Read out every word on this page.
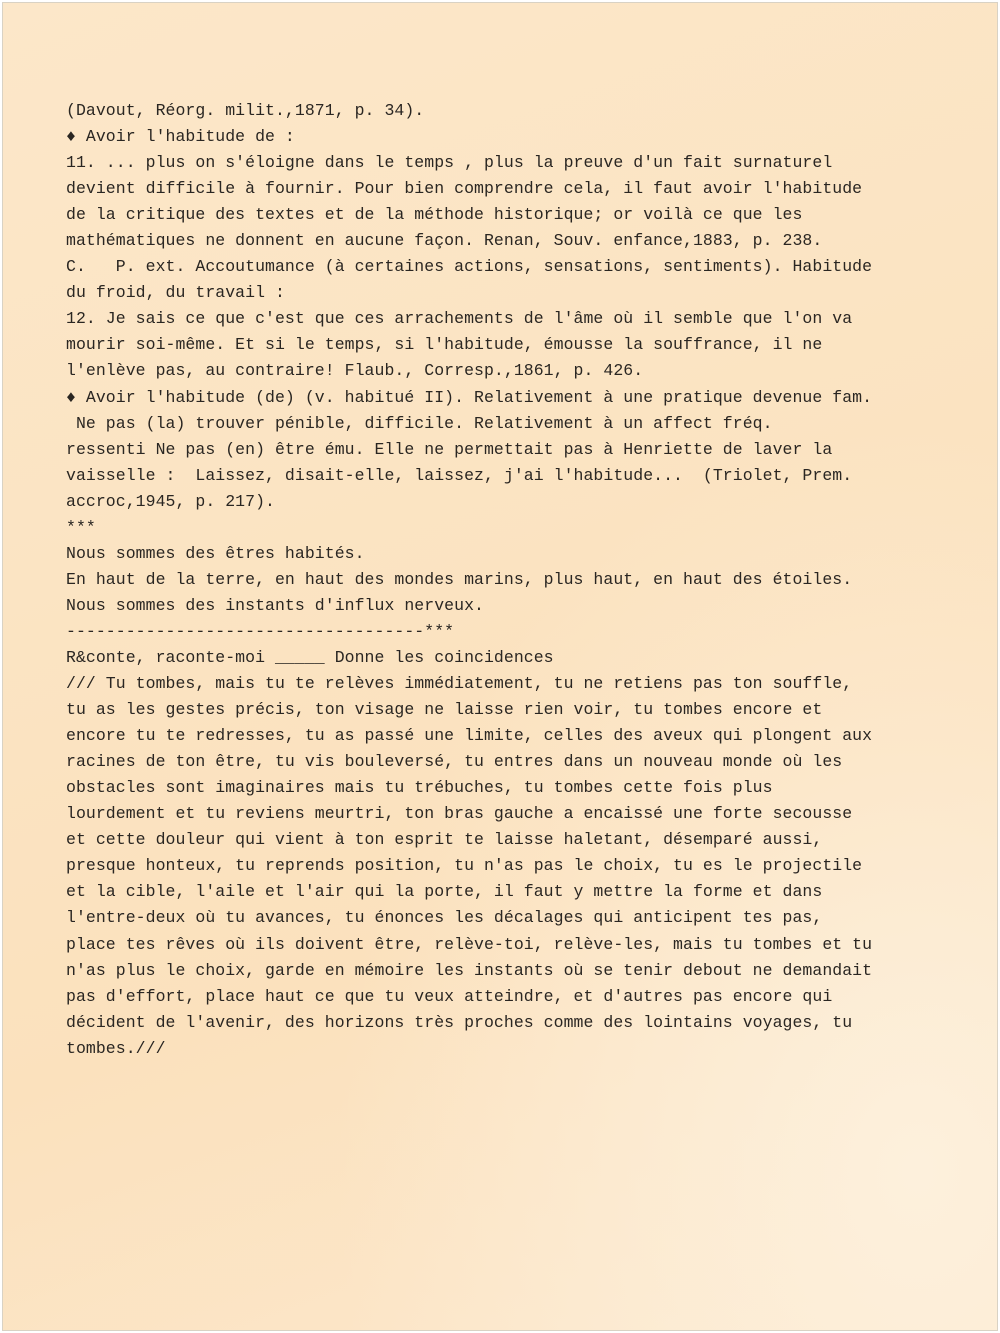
(Davout, Réorg. milit.,1871, p. 34).
♦ Avoir l'habitude de :
11. ... plus on s'éloigne dans le temps , plus la preuve d'un fait surnaturel
devient difficile à fournir. Pour bien comprendre cela, il faut avoir l'habitude
de la critique des textes et de la méthode historique; or voilà ce que les
mathématiques ne donnent en aucune façon. Renan, Souv. enfance,1883, p. 238.
C.   P. ext. Accoutumance (à certaines actions, sensations, sentiments). Habitude
du froid, du travail :
12. Je sais ce que c'est que ces arrachements de l'âme où il semble que l'on va
mourir soi-même. Et si le temps, si l'habitude, émousse la souffrance, il ne
l'enlève pas, au contraire! Flaub., Corresp.,1861, p. 426.
♦ Avoir l'habitude (de) (v. habitué II). Relativement à une pratique devenue fam.
Ne pas (la) trouver pénible, difficile. Relativement à un affect fréq.
ressenti Ne pas (en) être ému. Elle ne permettait pas à Henriette de laver la
vaisselle :  Laissez, disait-elle, laissez, j'ai l'habitude...  (Triolet, Prem.
accroc,1945, p. 217).
***
Nous sommes des êtres habités.
En haut de la terre, en haut des mondes marins, plus haut, en haut des étoiles.
Nous sommes des instants d'influx nerveux.
------------------------------------***
R&conte, raconte-moi _____ Donne les coincidences
/// Tu tombes, mais tu te relèves immédiatement, tu ne retiens pas ton souffle,
tu as les gestes précis, ton visage ne laisse rien voir, tu tombes encore et
encore tu te redresses, tu as passé une limite, celles des aveux qui plongent aux
racines de ton être, tu vis bouleversé, tu entres dans un nouveau monde où les
obstacles sont imaginaires mais tu trébuches, tu tombes cette fois plus
lourdement et tu reviens meurtri, ton bras gauche a encaissé une forte secousse
et cette douleur qui vient à ton esprit te laisse haletant, désemparé aussi,
presque honteux, tu reprends position, tu n'as pas le choix, tu es le projectile
et la cible, l'aile et l'air qui la porte, il faut y mettre la forme et dans
l'entre-deux où tu avances, tu énonces les décalages qui anticipent tes pas,
place tes rêves où ils doivent être, relève-toi, relève-les, mais tu tombes et tu
n'as plus le choix, garde en mémoire les instants où se tenir debout ne demandait
pas d'effort, place haut ce que tu veux atteindre, et d'autres pas encore qui
décident de l'avenir, des horizons très proches comme des lointains voyages, tu
tombes.///
